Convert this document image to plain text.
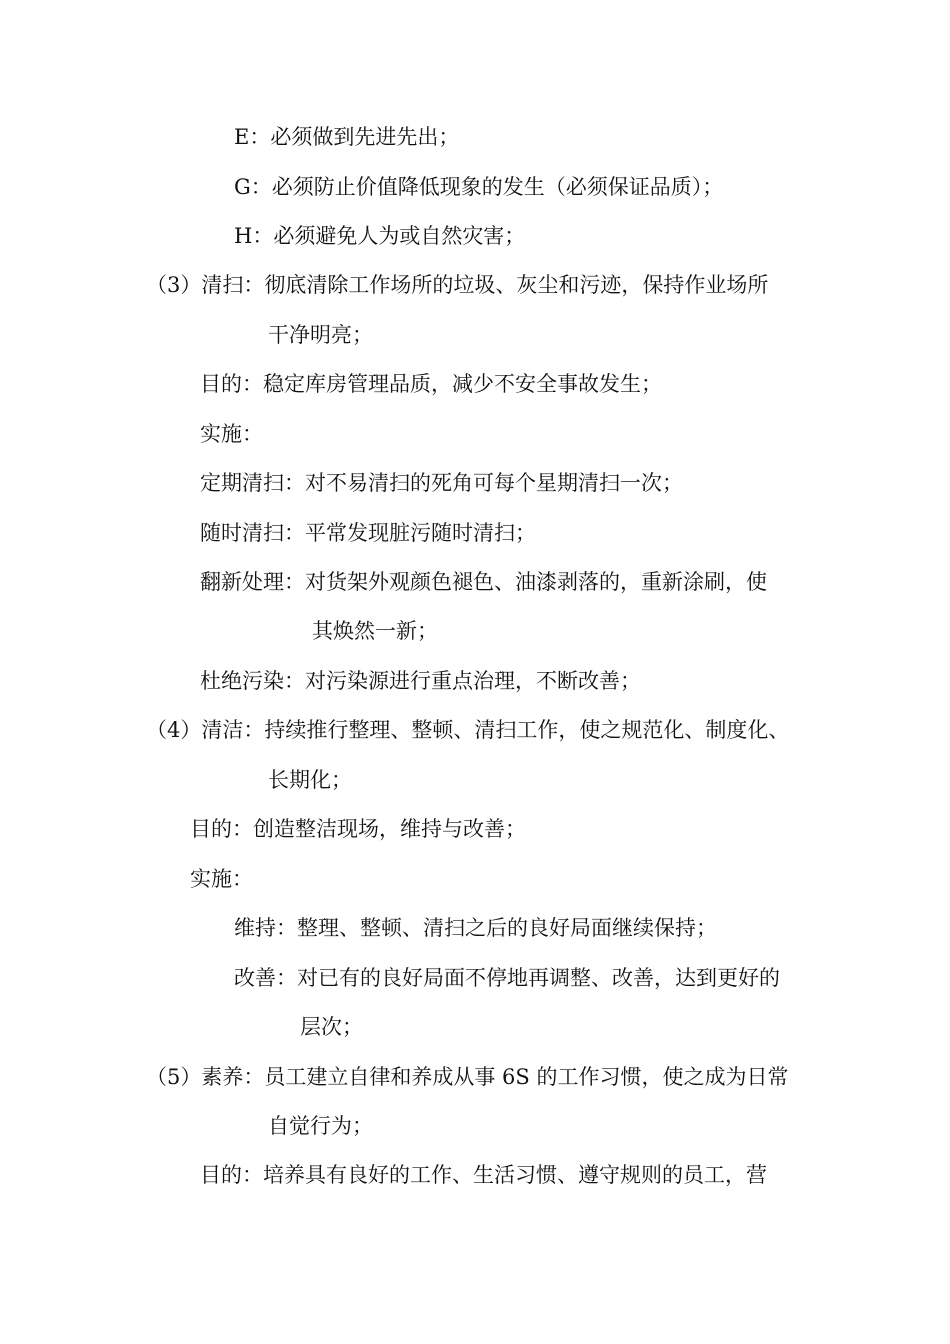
E：必须做到先进先出；
G：必须防止价值降低现象的发生（必须保证品质）；
H：必须避免人为或自然灾害；
（3）清扫：彻底清除工作场所的垃圾、灰尘和污迹，保持作业场所
干净明亮；
目的：稳定库房管理品质，减少不安全事故发生；
实施：
定期清扫：对不易清扫的死角可每个星期清扫一次；
随时清扫：平常发现脏污随时清扫；
翻新处理：对货架外观颜色褪色、油漆剥落的，重新涂刷，使
其焕然一新；
杜绝污染：对污染源进行重点治理，不断改善；
（4）清洁：持续推行整理、整顿、清扫工作，使之规范化、制度化、
长期化；
目的：创造整洁现场，维持与改善；
实施：
维持：整理、整顿、清扫之后的良好局面继续保持；
改善：对已有的良好局面不停地再调整、改善，达到更好的
层次；
（5）素养：员工建立自律和养成从事 6S 的工作习惯，使之成为日常
自觉行为；
目的：培养具有良好的工作、生活习惯、遵守规则的员工，营
